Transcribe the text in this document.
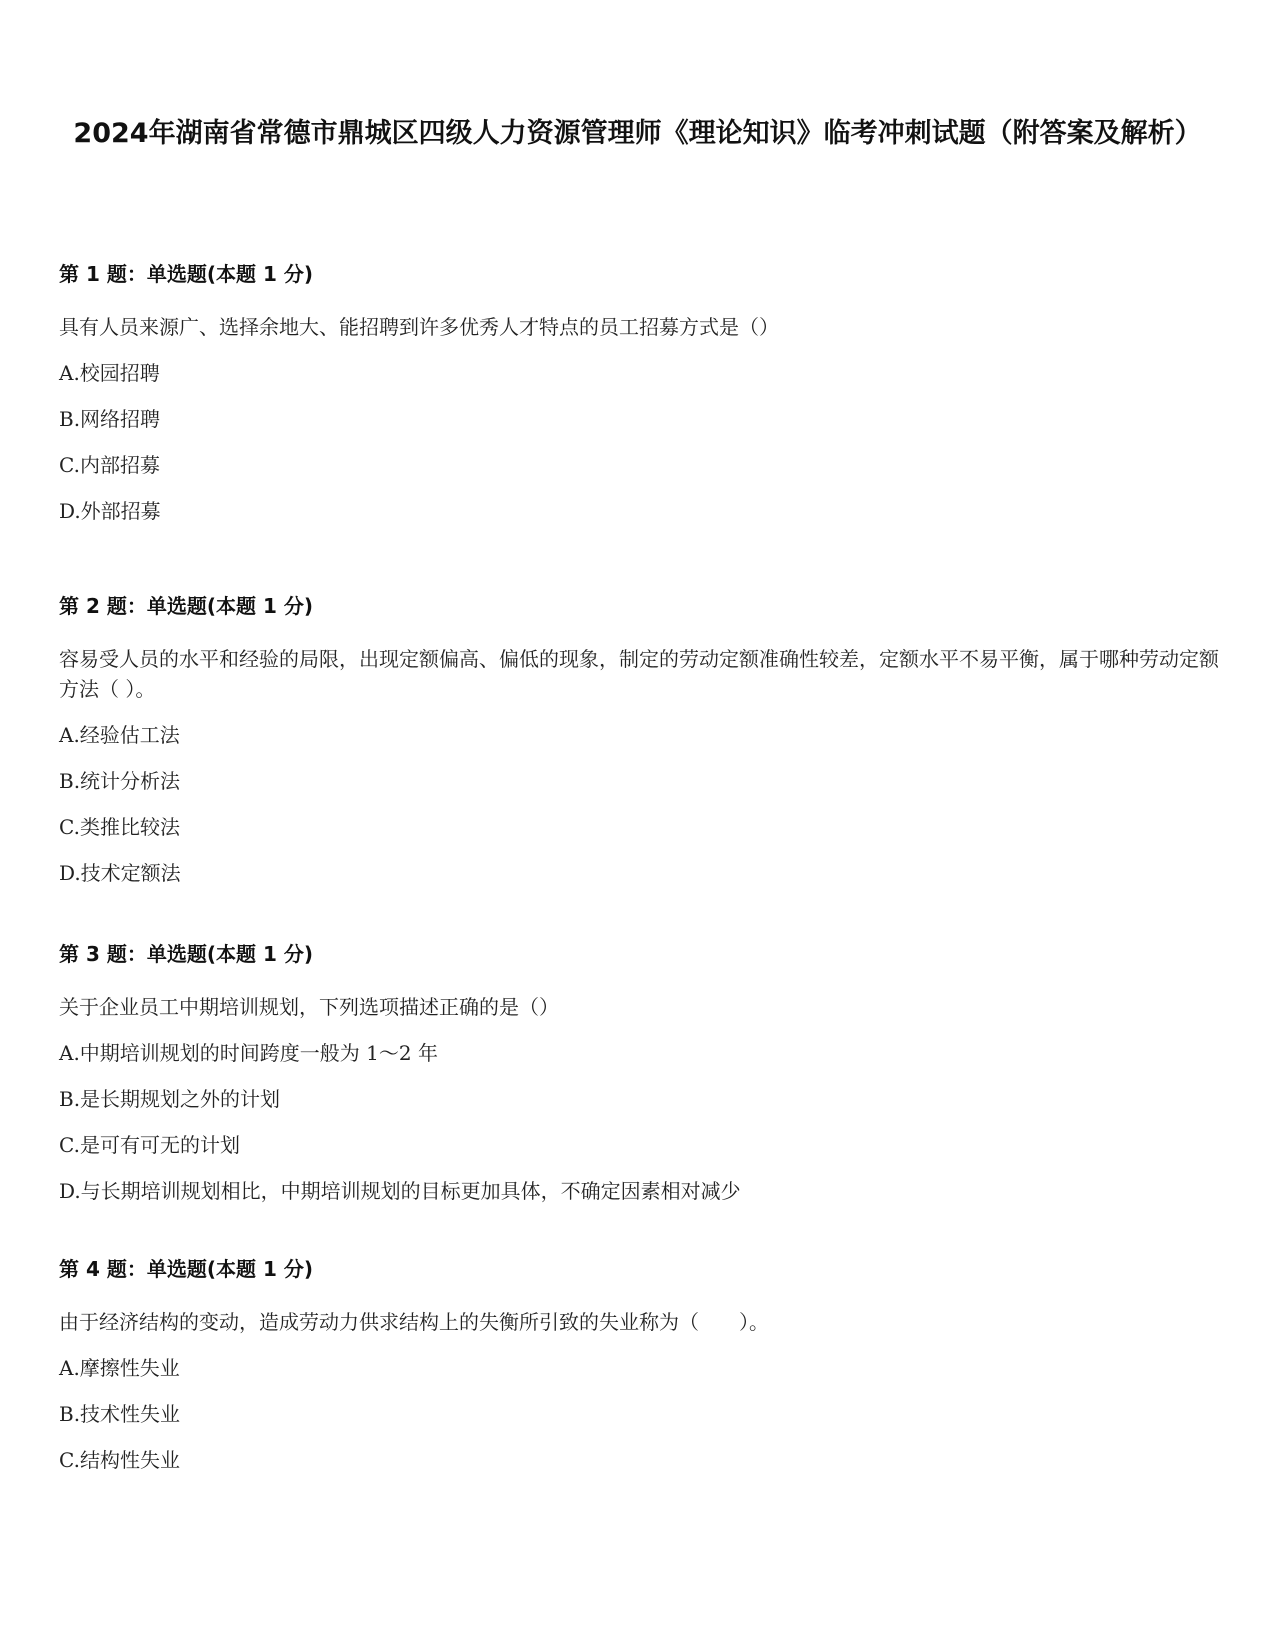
2024年湖南省常德市鼎城区四级人力资源管理师《理论知识》临考冲刺试题（附答案及解析）
第 1 题：单选题(本题 1 分)
具有人员来源广、选择余地大、能招聘到许多优秀人才特点的员工招募方式是（）
A.校园招聘
B.网络招聘
C.内部招募
D.外部招募
第 2 题：单选题(本题 1 分)
容易受人员的水平和经验的局限，出现定额偏高、偏低的现象，制定的劳动定额准确性较差，定额水平不易平衡，属于哪种劳动定额方法（ ）。
A.经验估工法
B.统计分析法
C.类推比较法
D.技术定额法
第 3 题：单选题(本题 1 分)
关于企业员工中期培训规划，下列选项描述正确的是（）
A.中期培训规划的时间跨度一般为 1～2 年
B.是长期规划之外的计划
C.是可有可无的计划
D.与长期培训规划相比，中期培训规划的目标更加具体，不确定因素相对减少
第 4 题：单选题(本题 1 分)
由于经济结构的变动，造成劳动力供求结构上的失衡所引致的失业称为（　　）。
A.摩擦性失业
B.技术性失业
C.结构性失业
